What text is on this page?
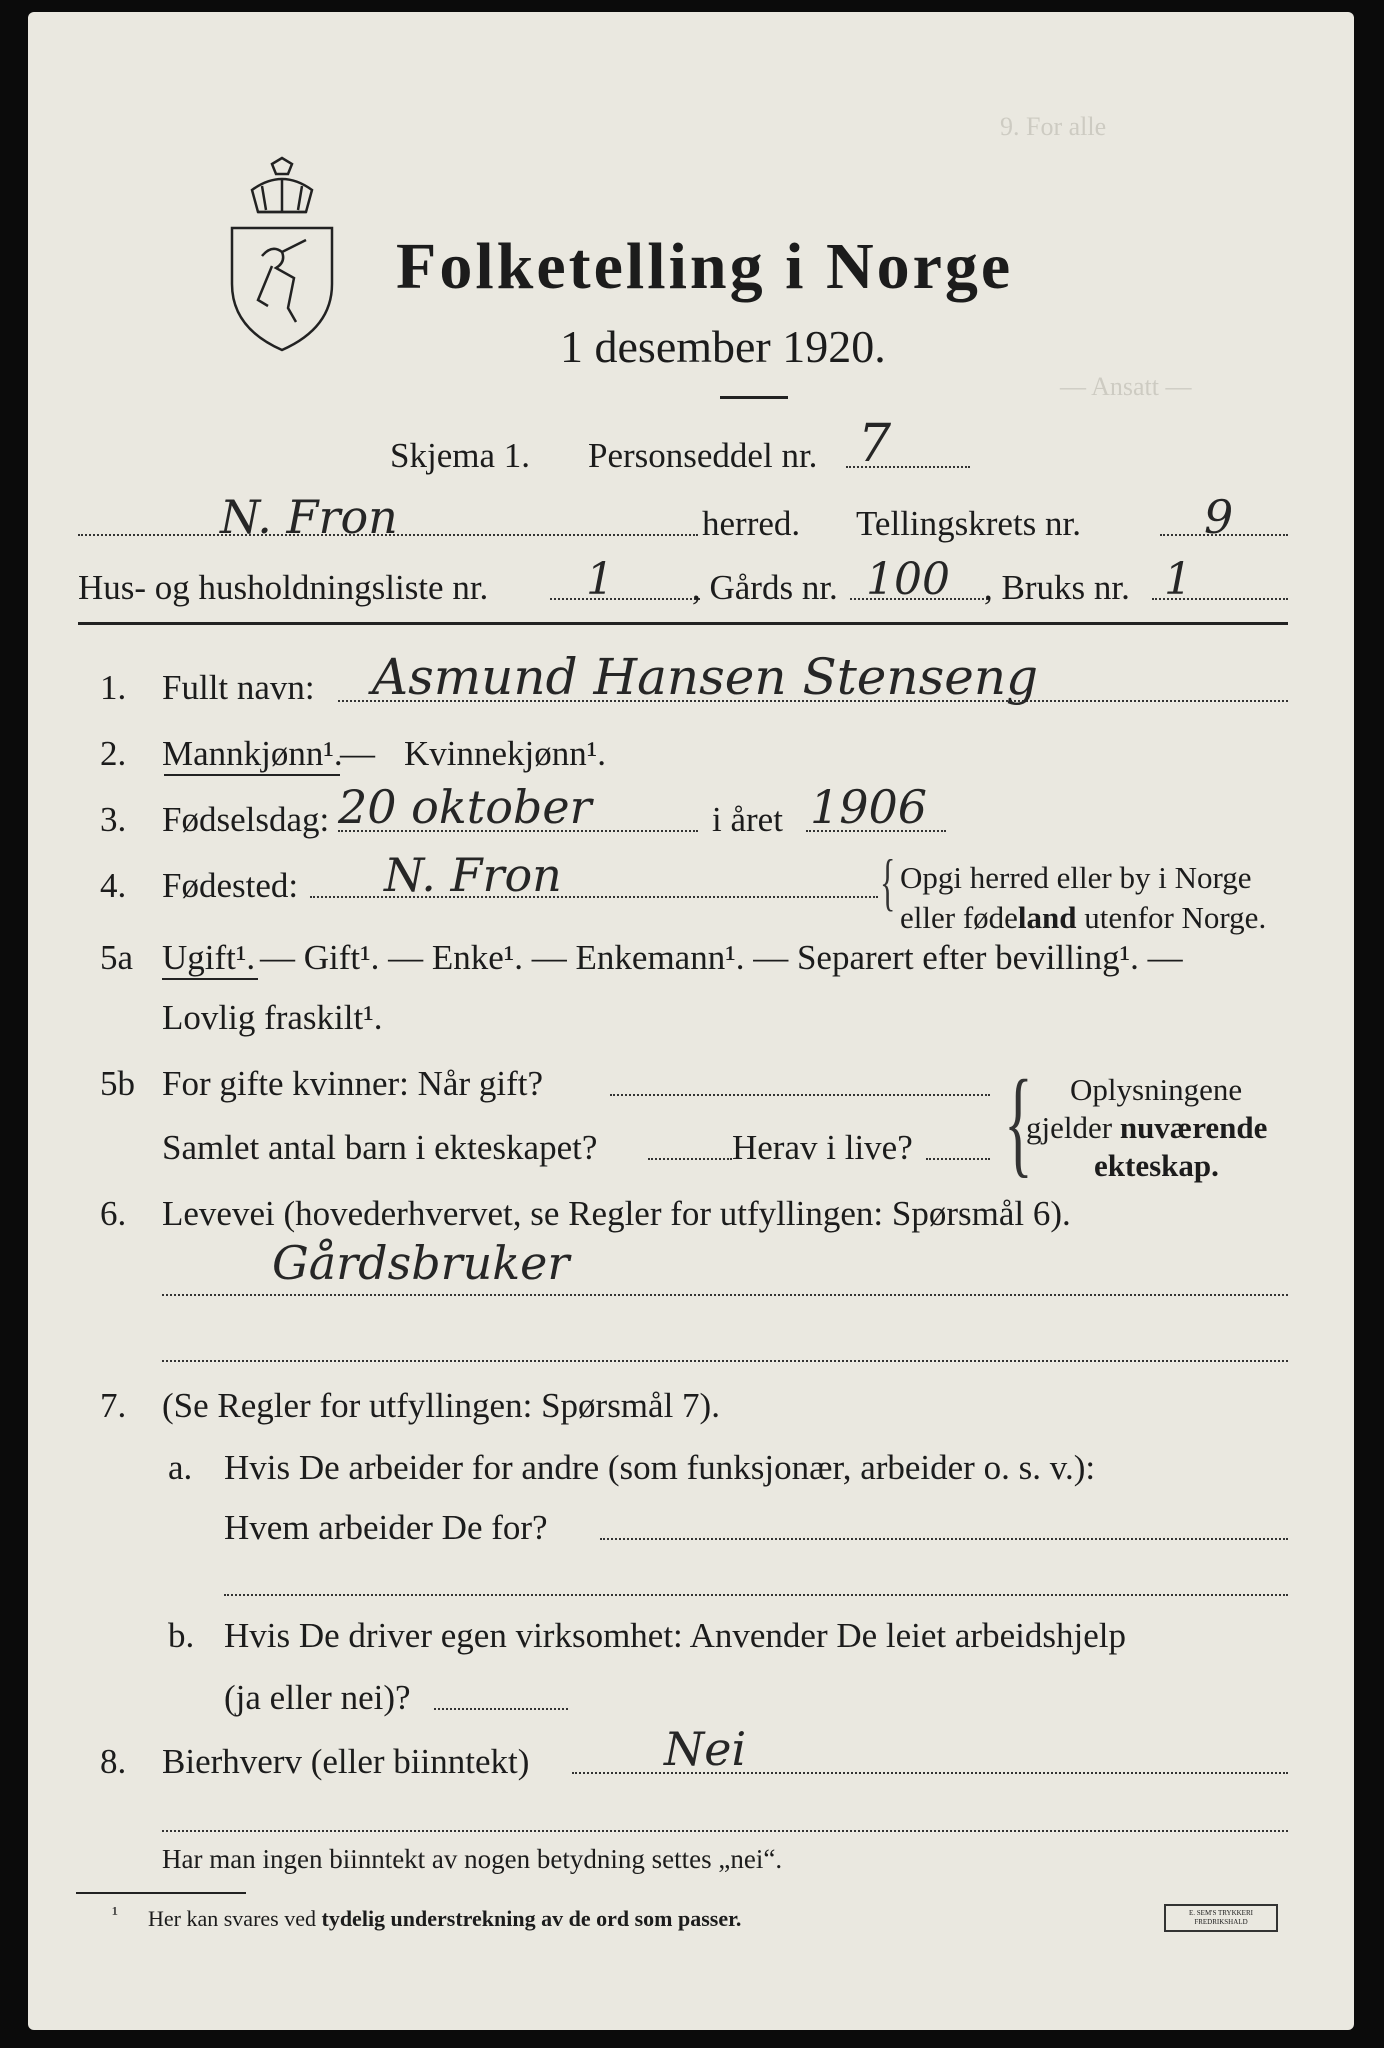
9. For alle
— Ansatt —
Folketelling i Norge
1 desember 1920.
Skjema 1. Personseddel nr. 7
N. Fron	herred. Tellingskrets nr.	9
Hus- og husholdningsliste nr. 1 , Gårds nr. 100 , Bruks nr. 1
1. Fullt navn: Asmund Hansen Stenseng
2. Mannkjønn¹.
— Kvinnekjønn¹.
3. Fødselsdag: 20 oktober	i året 1906
4. Fødested: N. Fron	{ Opgi herred eller by i Norge
eller fødeland utenfor Norge.
5a Ugift¹. — Gift¹. — Enke¹. — Enkemann¹. — Separert efter bevilling¹. —
Lovlig fraskilt¹.
5b For gifte kvinner: Når gift?
Samlet antal barn i ekteskapet?	Herav i live? { Oplysningene
gjelder nuværende
ekteskap.
6. Levevei (hovederhvervet, se Regler for utfyllingen: Spørsmål 6).
Gårdsbruker
7. (Se Regler for utfyllingen: Spørsmål 7).
a. Hvis De arbeider for andre (som funksjonær, arbeider o. s. v.):
Hvem arbeider De for?
b. Hvis De driver egen virksomhet: Anvender De leiet arbeidshjelp
(ja eller nei)?
8. Bierhverv (eller biinntekt)	Nei
Har man ingen biinntekt av nogen betydning settes „nei“.
¹ Her kan svares ved tydelig understrekning av de ord som passer.	E. SEM'S TRYKKERI
FREDRIKSHALD
